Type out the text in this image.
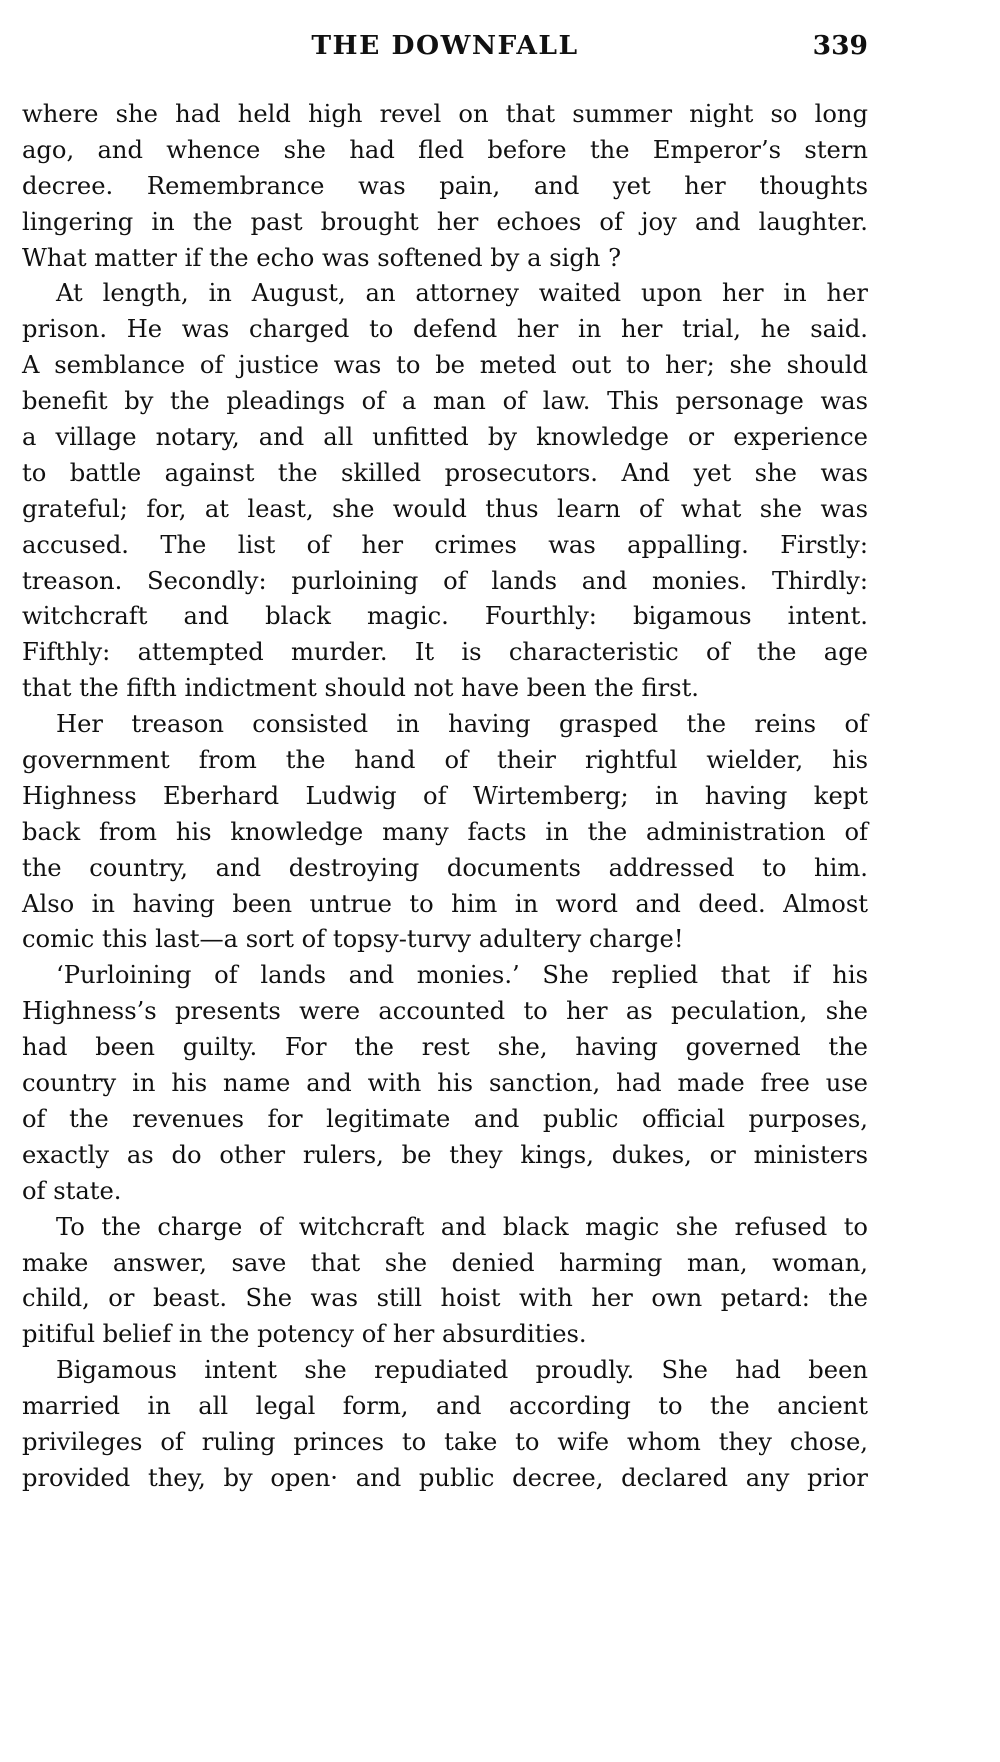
THE DOWNFALL	339
where she had held high revel on that summer night so long
ago, and whence she had fled before the Emperor’s stern
decree. Remembrance was pain, and yet her thoughts
lingering in the past brought her echoes of joy and laughter.
What matter if the echo was softened by a sigh ?
At length, in August, an attorney waited upon her in her
prison. He was charged to defend her in her trial, he said.
A semblance of justice was to be meted out to her; she should
benefit by the pleadings of a man of law. This personage was
a village notary, and all unfitted by knowledge or experience
to battle against the skilled prosecutors. And yet she was
grateful; for, at least, she would thus learn of what she was
accused. The list of her crimes was appalling. Firstly:
treason. Secondly: purloining of lands and monies. Thirdly:
witchcraft and black magic. Fourthly: bigamous intent.
Fifthly: attempted murder. It is characteristic of the age
that the fifth indictment should not have been the first.
Her treason consisted in having grasped the reins of
government from the hand of their rightful wielder, his
Highness Eberhard Ludwig of Wirtemberg; in having kept
back from his knowledge many facts in the administration of
the country, and destroying documents addressed to him.
Also in having been untrue to him in word and deed. Almost
comic this last—a sort of topsy-turvy adultery charge!
‘Purloining of lands and monies.’ She replied that if his
Highness’s presents were accounted to her as peculation, she
had been guilty. For the rest she, having governed the
country in his name and with his sanction, had made free use
of the revenues for legitimate and public official purposes,
exactly as do other rulers, be they kings, dukes, or ministers
of state.
To the charge of witchcraft and black magic she refused to
make answer, save that she denied harming man, woman,
child, or beast. She was still hoist with her own petard: the
pitiful belief in the potency of her absurdities.
Bigamous intent she repudiated proudly. She had been
married in all legal form, and according to the ancient
privileges of ruling princes to take to wife whom they chose,
provided they, by open· and public decree, declared any prior
